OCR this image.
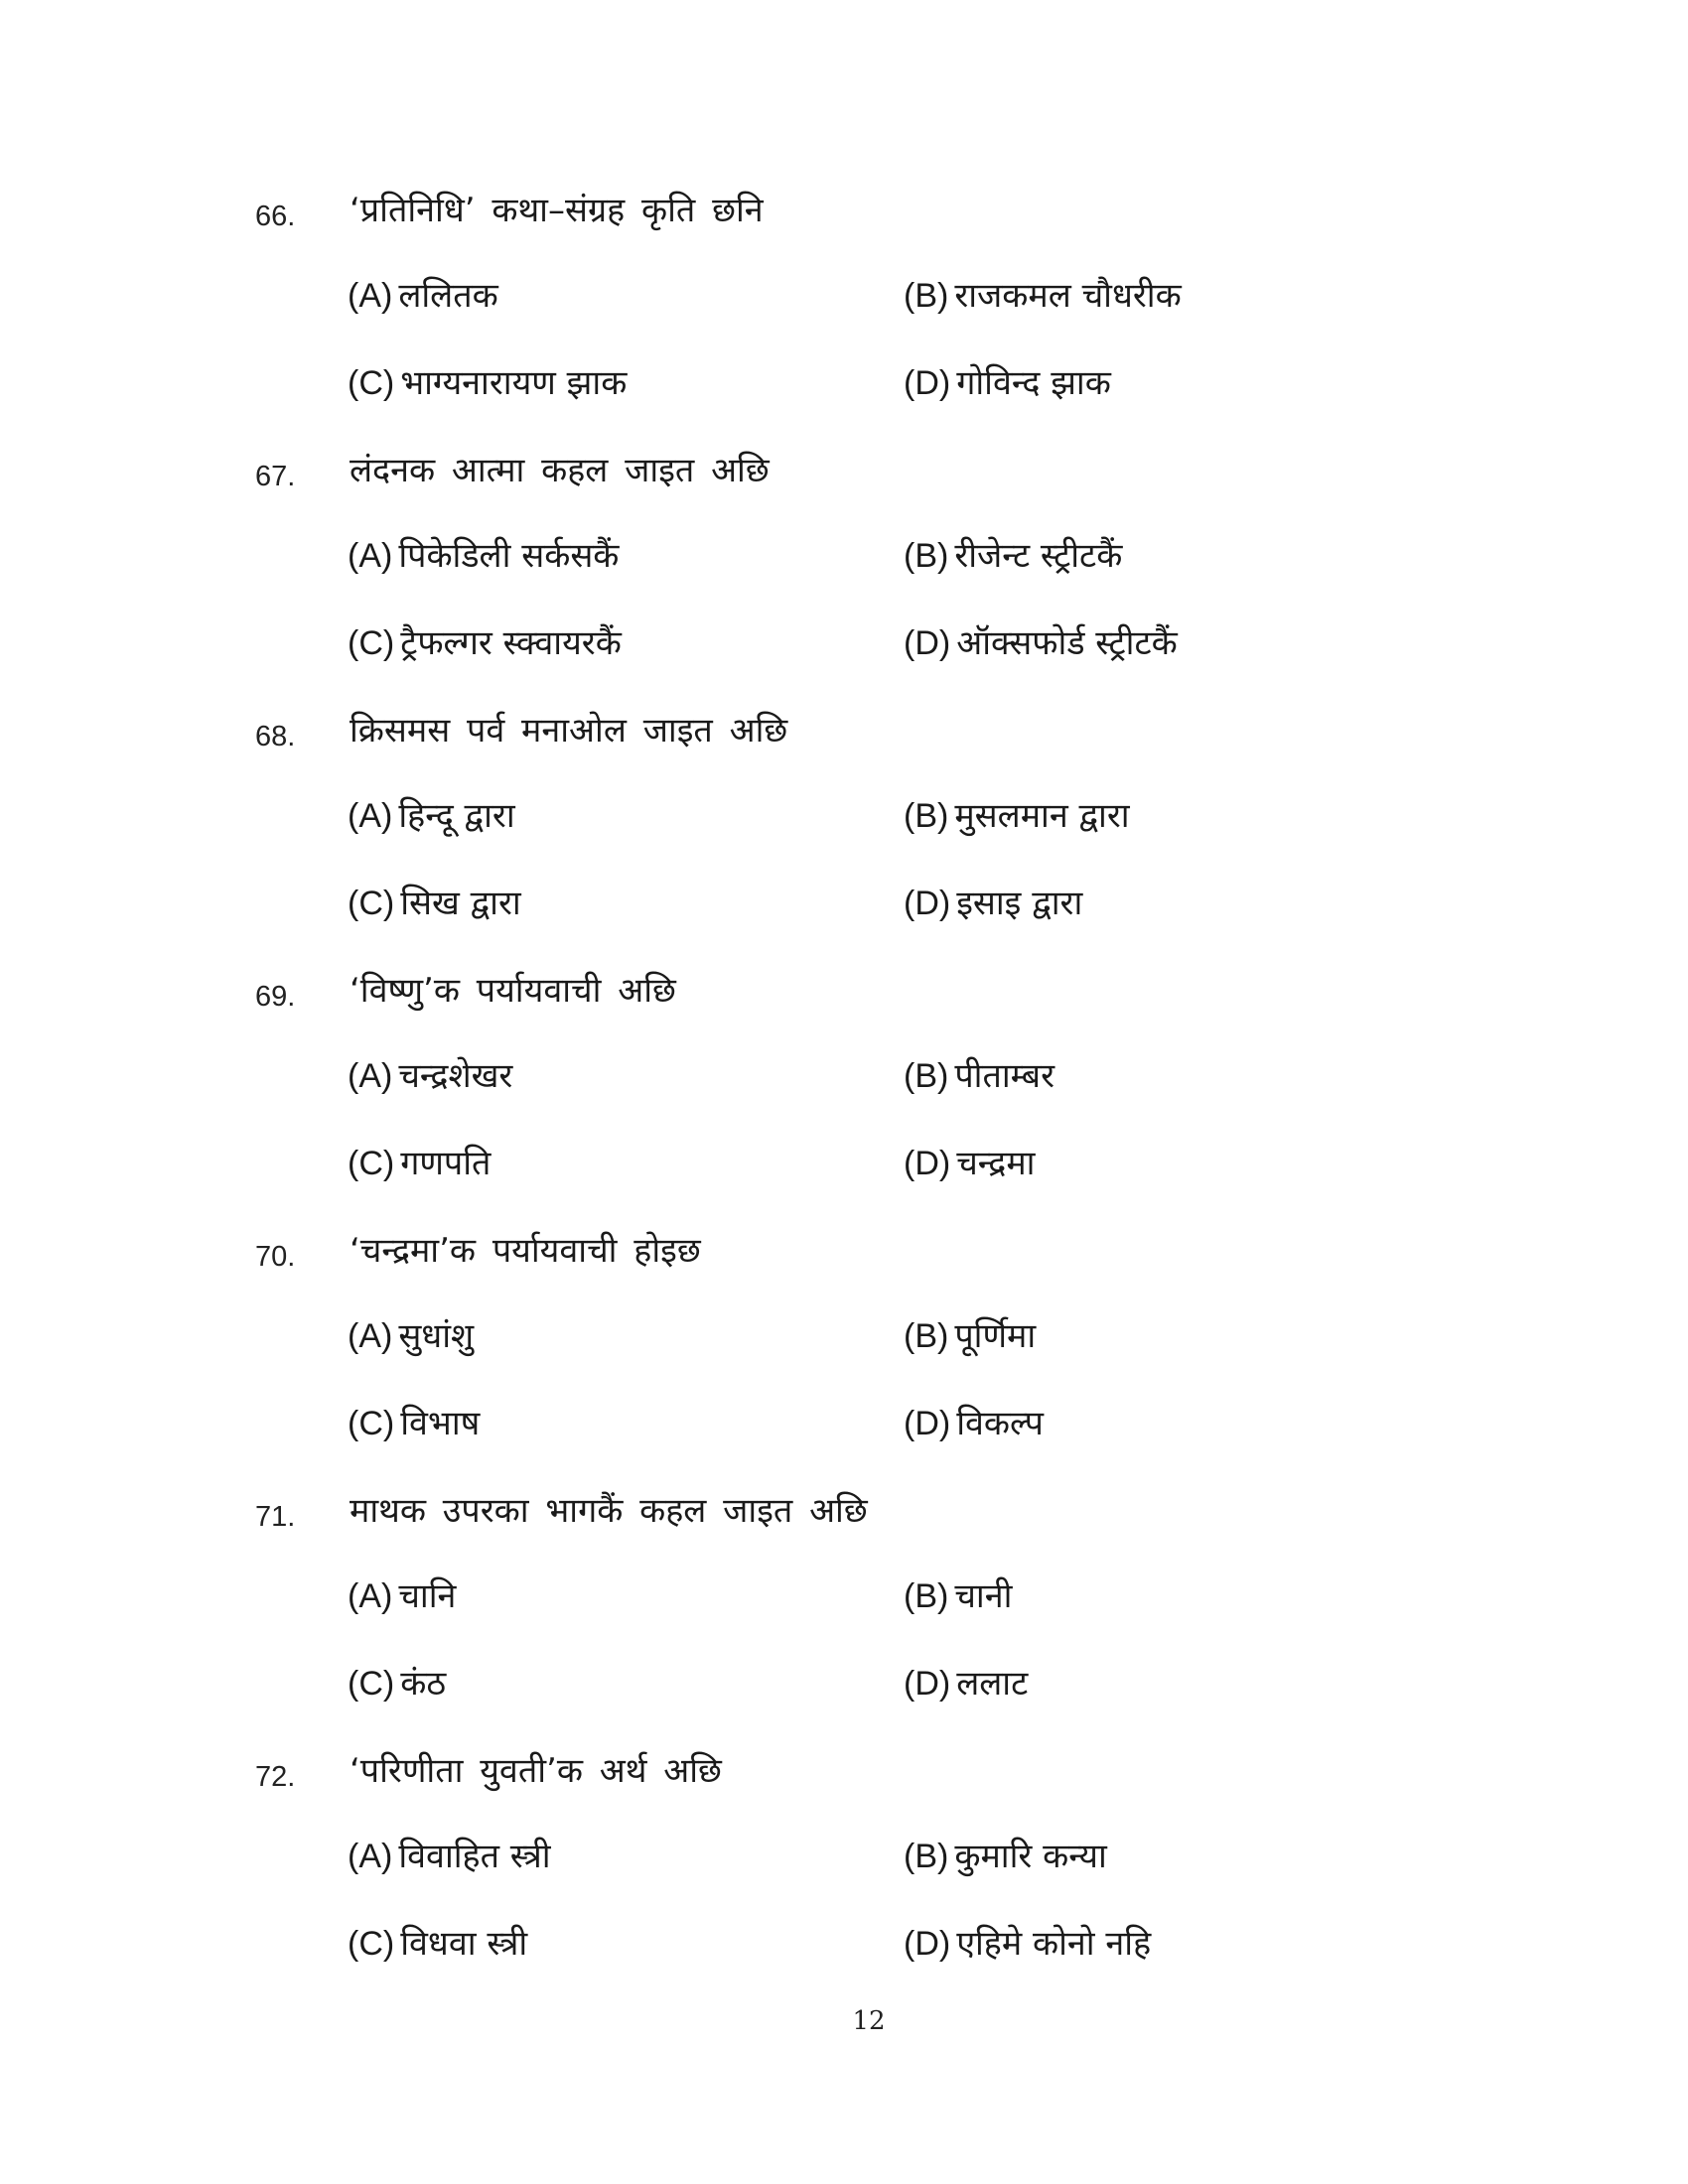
66. ‘प्रतिनिधि’ कथा–संग्रह कृति छनि
(A) ललितक	(B) राजकमल चौधरीक
(C) भाग्यनारायण झाक	(D) गोविन्द झाक
67. लंदनक आत्मा कहल जाइत अछि
(A) पिकेडिली सर्कसकैं	(B) रीजेन्ट स्ट्रीटकैं
(C) ट्रैफल्गर स्क्वायरकैं	(D) ऑक्सफोर्ड स्ट्रीटकैं
68. क्रिसमस पर्व मनाओल जाइत अछि
(A) हिन्दू द्वारा	(B) मुसलमान द्वारा
(C) सिख द्वारा	(D) इसाइ द्वारा
69. ‘विष्णु’क पर्यायवाची अछि
(A) चन्द्रशेखर	(B) पीताम्बर
(C) गणपति	(D) चन्द्रमा
70. ‘चन्द्रमा’क पर्यायवाची होइछ
(A) सुधांशु	(B) पूर्णिमा
(C) विभाष	(D) विकल्प
71. माथक उपरका भागकैं कहल जाइत अछि
(A) चानि	(B) चानी
(C) कंठ	(D) ललाट
72. ‘परिणीता युवती’क अर्थ अछि
(A) विवाहित स्त्री	(B) कुमारि कन्या
(C) विधवा स्त्री	(D) एहिमे कोनो नहि
12
